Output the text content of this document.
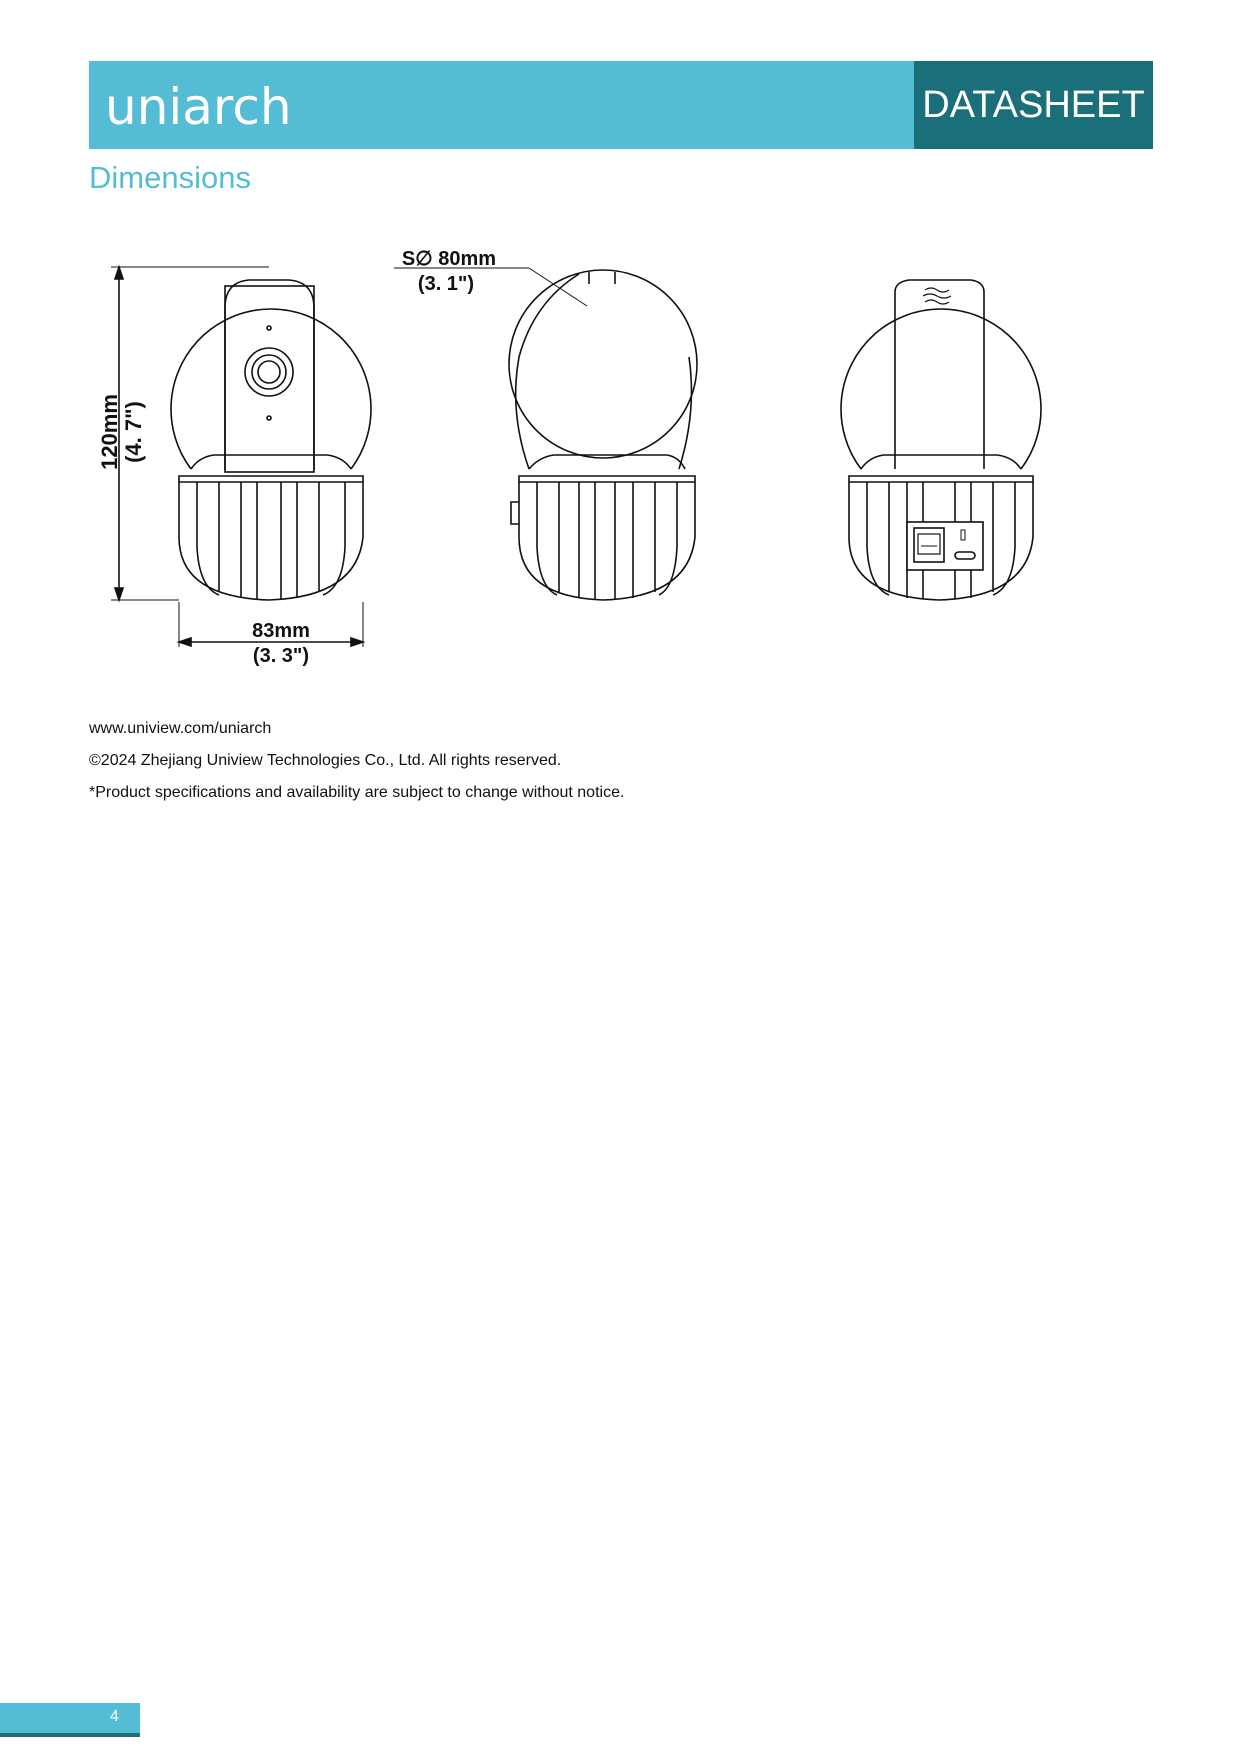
uniarch	DATASHEET
Dimensions
120mm (4. 7")
83mm
(3. 3")
S∅ 80mm
(3. 1")
www.uniview.com/uniarch
©2024 Zhejiang Uniview Technologies Co., Ltd. All rights reserved.
*Product specifications and availability are subject to change without notice.
4
